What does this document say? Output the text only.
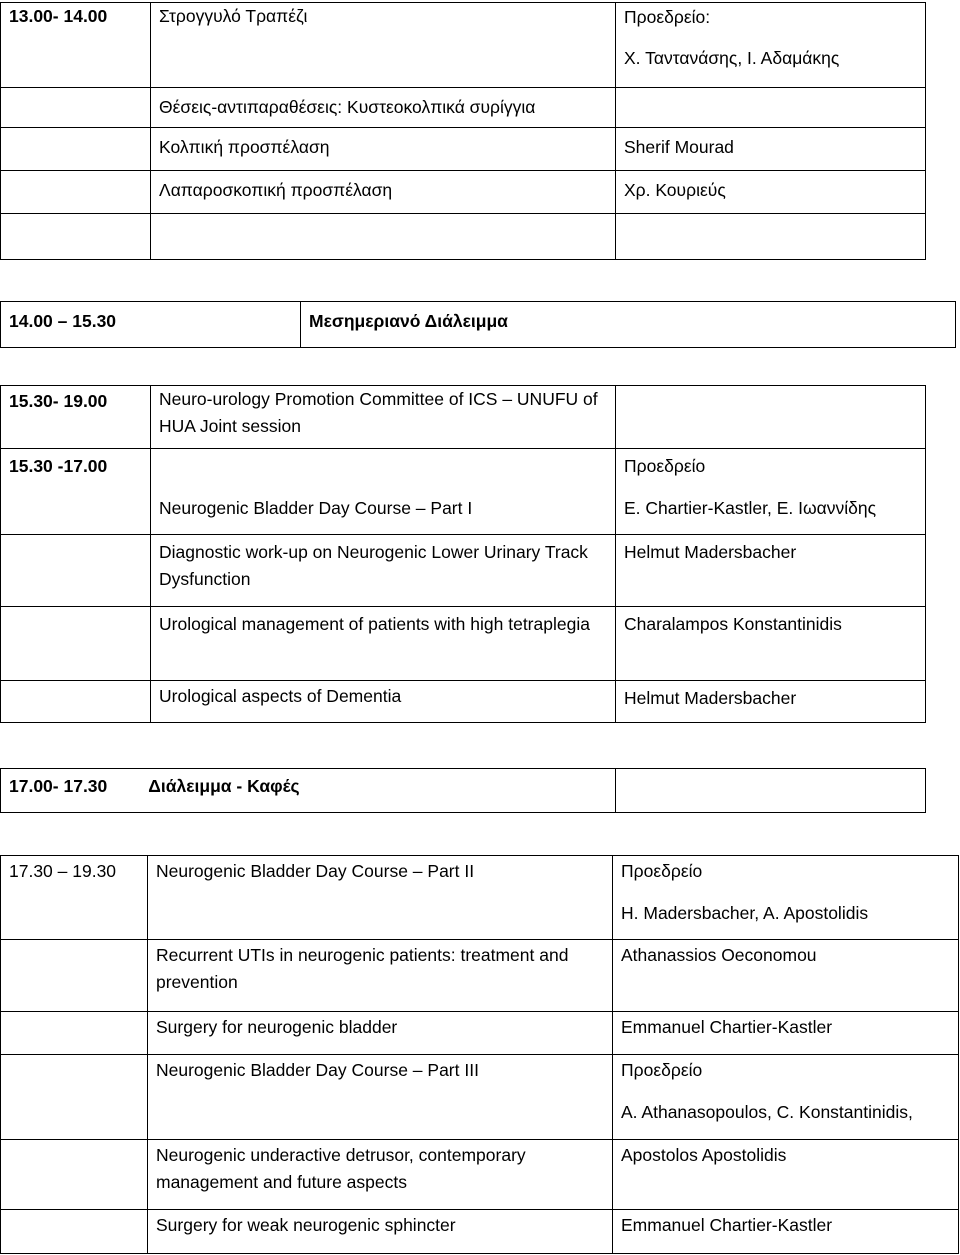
13.00- 14.00	Στρογγυλό Τραπέζι	Προεδρείο:
Χ. Ταντανάσης, Ι. Αδαμάκης

	Θέσεις-αντιπαραθέσεις: Κυστεοκολπικά συρίγγια	
	Κολπική προσπέλαση	Sherif Mourad
	Λαπαροσκοπική προσπέλαση	Χρ. Κουριεύς

14.00 – 15.30	Μεσημεριανό Διάλειμμα
15.30- 19.00	Neuro-urology Promotion Committee of ICS – UNUFU of HUA Joint session	
15.30 -17.00	Neurogenic Bladder Day Course – Part I	Προεδρείο
E. Chartier-Kastler, Ε. Ιωαννίδης

	Diagnostic work-up on Neurogenic Lower Urinary Track Dysfunction	Helmut Madersbacher
	Urological management of patients with high tetraplegia	Charalampos Konstantinidis
	Urological aspects of Dementia	Helmut Madersbacher
17.00- 17.30 Διάλειμμα - Καφές	
17.30 – 19.30	Neurogenic Bladder Day Course – Part II	Προεδρείο
H. Madersbacher, A. Apostolidis

	Recurrent UTIs in neurogenic patients: treatment and prevention	Athanassios Oeconomou
	Surgery for neurogenic bladder	Emmanuel Chartier-Kastler
	Neurogenic Bladder Day Course – Part III	Προεδρείο
A. Athanasopoulos, C. Konstantinidis,

	Neurogenic underactive detrusor, contemporary management and future aspects	Apostolos Apostolidis
	Surgery for weak neurogenic sphincter	Emmanuel Chartier-Kastler
